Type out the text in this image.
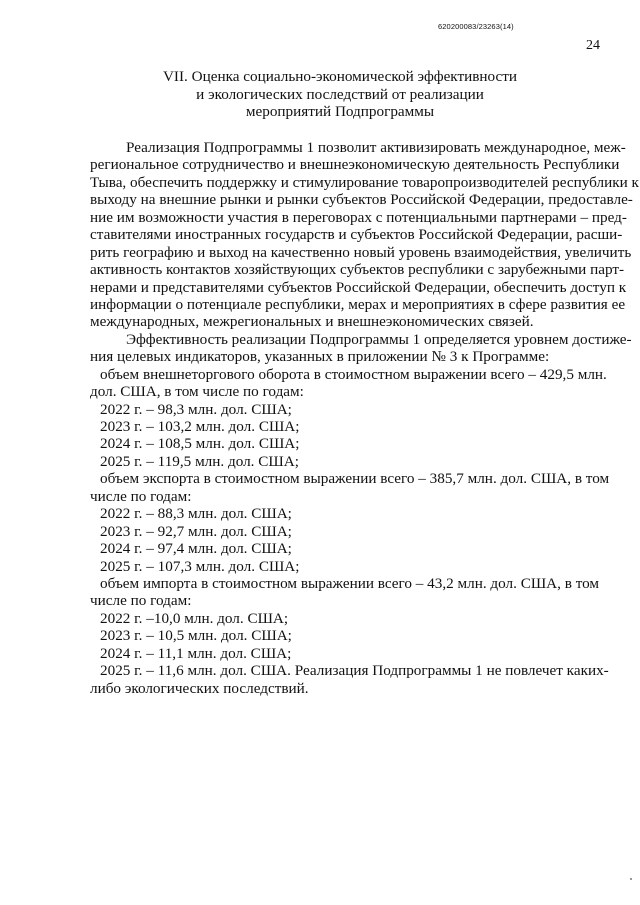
620200083/23263(14)
24
VII. Оценка социально-экономической эффективности
и экологических последствий от реализации
мероприятий Подпрограммы
Реализация Подпрограммы 1 позволит активизировать международное, меж-
региональное сотрудничество и внешнеэкономическую деятельность Республики
Тыва, обеспечить поддержку и стимулирование товаропроизводителей республики к
выходу на внешние рынки и рынки субъектов Российской Федерации, предоставле-
ние им возможности участия в переговорах с потенциальными партнерами – пред-
ставителями иностранных государств и субъектов Российской Федерации, расши-
рить географию и выход на качественно новый уровень взаимодействия, увеличить
активность контактов хозяйствующих субъектов республики с зарубежными парт-
нерами и представителями субъектов Российской Федерации, обеспечить доступ к
информации о потенциале республики, мерах и мероприятиях в сфере развития ее
международных, межрегиональных и внешнеэкономических связей.
Эффективность реализации Подпрограммы 1 определяется уровнем достиже-
ния целевых индикаторов, указанных в приложении № 3 к Программе:
объем внешнеторгового оборота в стоимостном выражении всего – 429,5 млн.
дол. США, в том числе по годам:
2022 г. – 98,3 млн. дол. США;
2023 г. – 103,2 млн. дол. США;
2024 г. – 108,5 млн. дол. США;
2025 г. – 119,5 млн. дол. США;
объем экспорта в стоимостном выражении всего – 385,7 млн. дол. США, в том
числе по годам:
2022 г. – 88,3 млн. дол. США;
2023 г. – 92,7 млн. дол. США;
2024 г. – 97,4 млн. дол. США;
2025 г. – 107,3 млн. дол. США;
объем импорта в стоимостном выражении всего – 43,2 млн. дол. США, в том
числе по годам:
2022 г. –10,0 млн. дол. США;
2023 г. – 10,5 млн. дол. США;
2024 г. – 11,1 млн. дол. США;
2025 г. – 11,6 млн. дол. США. Реализация Подпрограммы 1 не повлечет каких-
либо экологических последствий.
